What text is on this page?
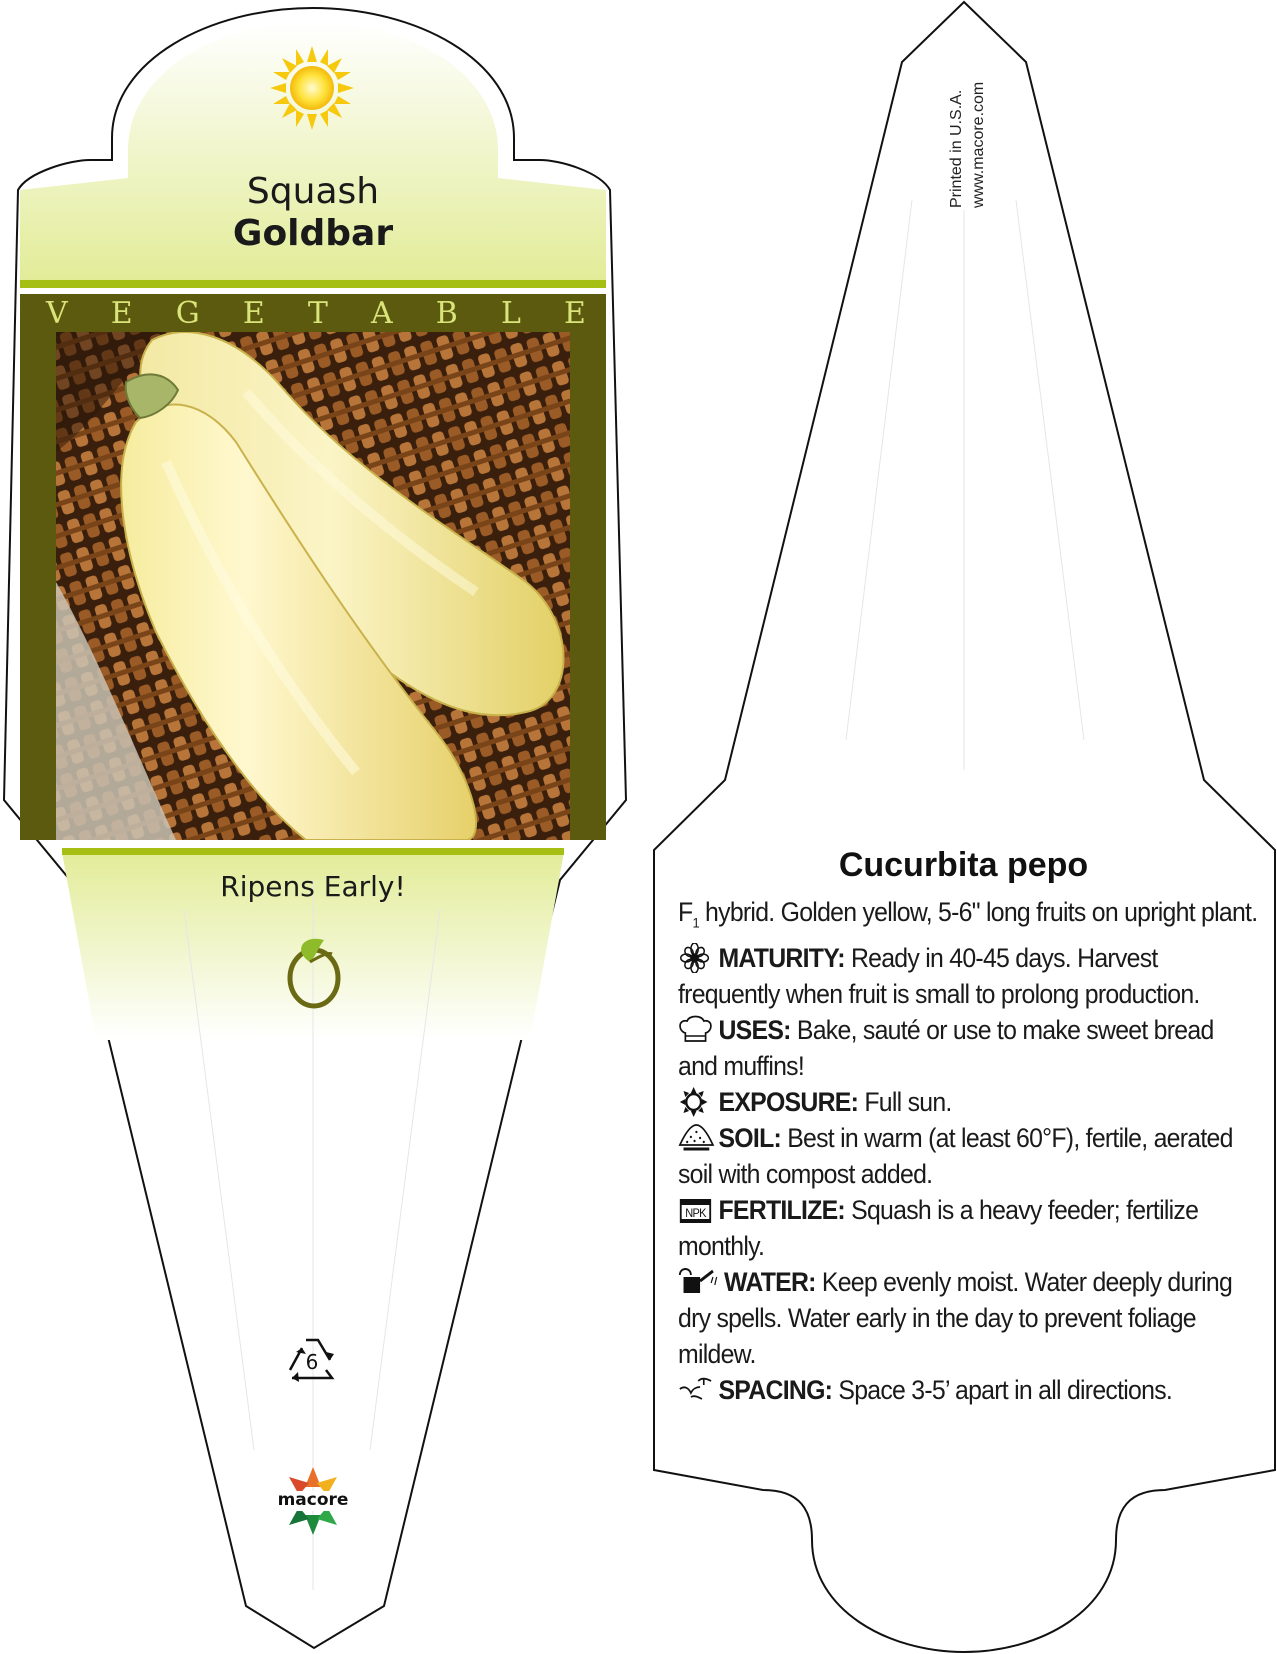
Squash
Goldbar
V E G E T A B L E
Ripens Early!
6
macore
Printed in U.S.A. www.macore.com
Cucurbita pepo

$F_1$ hybrid. Golden yellow, 5-6" long fruits on upright plant.

MATURITY: Ready in 40-45 days. Harvest frequently when fruit is small to prolong production.

USES: Bake, sauté or use to make sweet bread and muffins!

EXPOSURE: Full sun.

SOIL: Best in warm (at least 60°F), fertile, aerated soil with compost added.

NPK FERTILIZE: Squash is a heavy feeder; fertilize monthly.

WATER: Keep evenly moist. Water deeply during dry spells. Water early in the day to prevent foliage mildew.

SPACING: Space 3-5’ apart in all directions.
